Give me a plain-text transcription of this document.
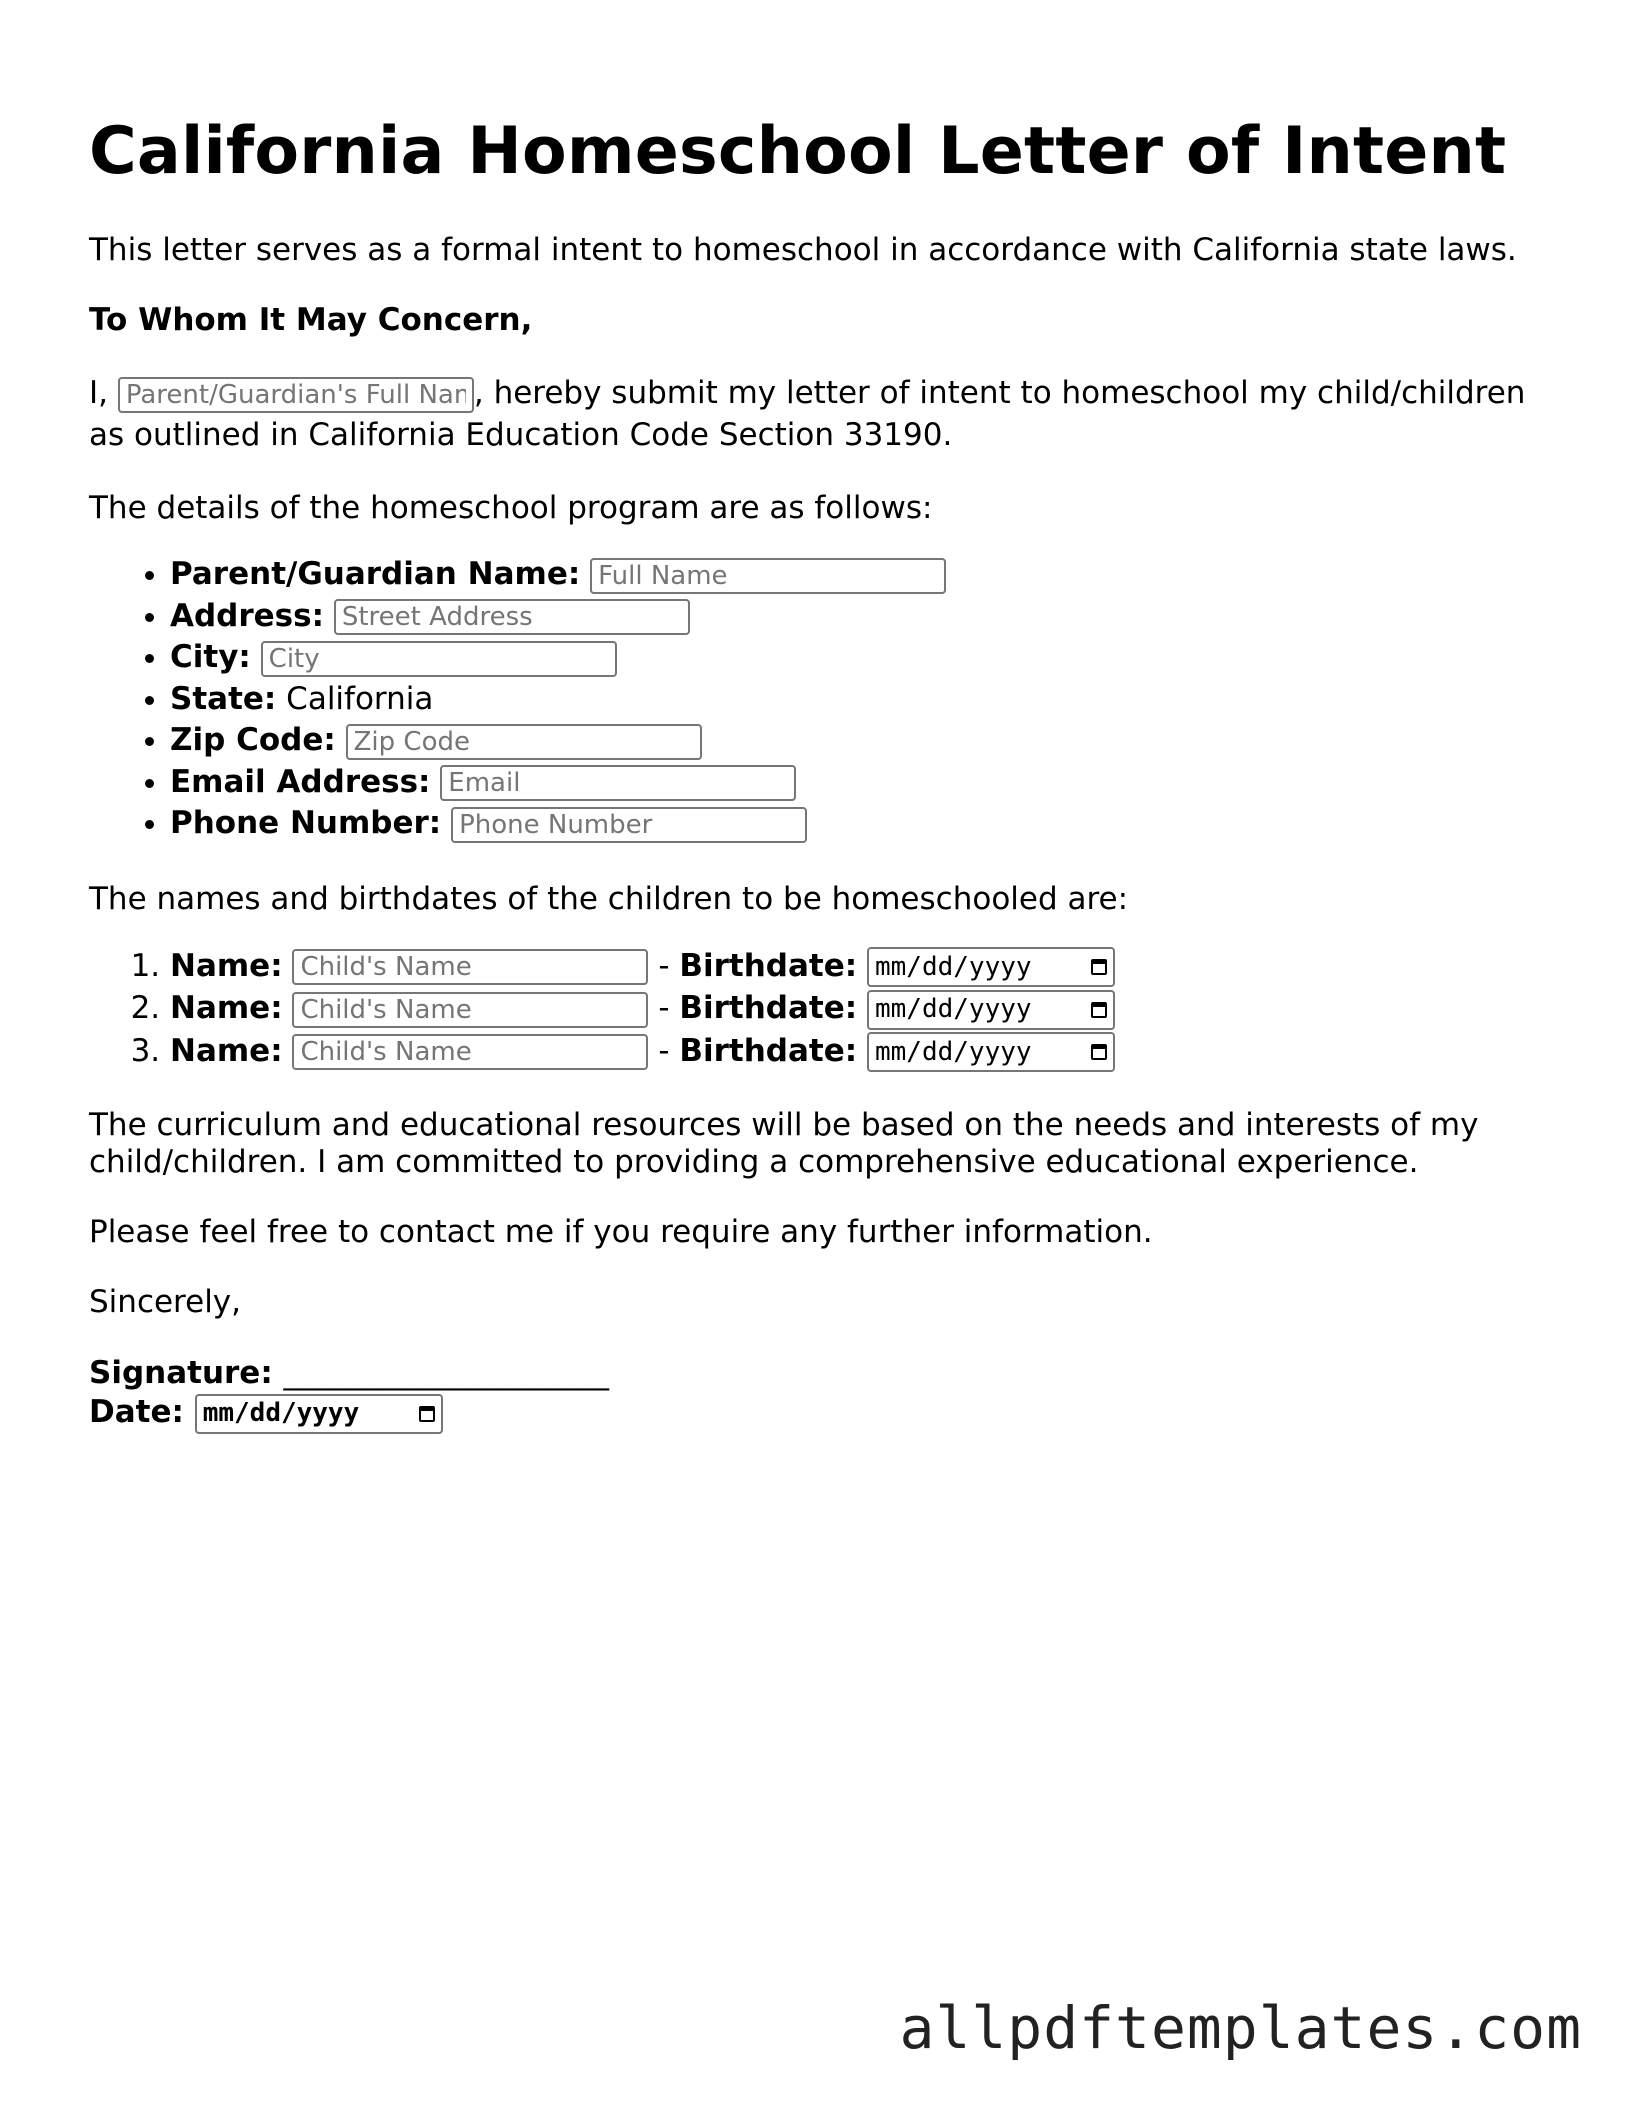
California Homeschool Letter of Intent

This letter serves as a formal intent to homeschool in accordance with California state laws.

To Whom It May Concern,

I, Parent/Guardian's Full Name	, hereby submit my letter of intent to homeschool my child/children as outlined in California Education Code Section 33190.

The details of the homeschool program are as follows:

• Parent/Guardian Name: Full Name
• Address: Street Address
• City: City
• State: California
• Zip Code: Zip Code
• Email Address: Email
• Phone Number: Phone Number

The names and birthdates of the children to be homeschooled are:

1. Name: Child's Name	- Birthdate: mm/dd/yyyy
2. Name: Child's Name	- Birthdate: mm/dd/yyyy
3. Name: Child's Name	- Birthdate: mm/dd/yyyy

The curriculum and educational resources will be based on the needs and interests of my child/children. I am committed to providing a comprehensive educational experience.

Please feel free to contact me if you require any further information.

Sincerely,

Signature: _____________________

Date: mm/dd/yyyy

allpdftemplates.com
